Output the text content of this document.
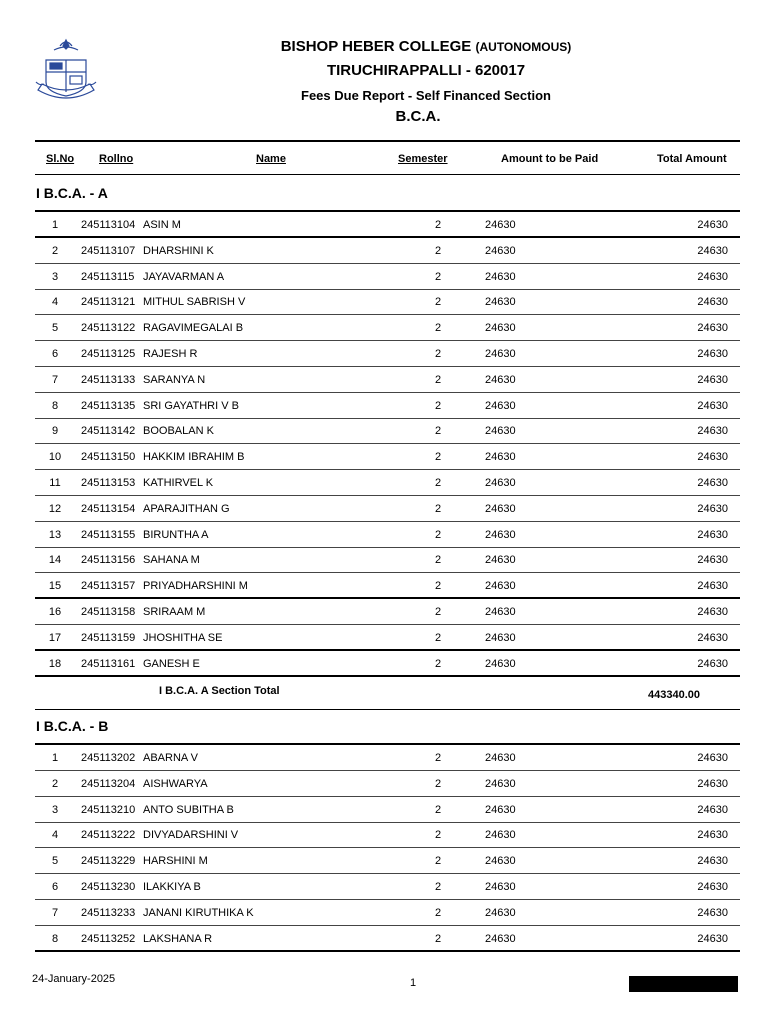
BISHOP HEBER COLLEGE (AUTONOMOUS)
TIRUCHIRAPPALLI - 620017
Fees Due Report - Self Financed Section
B.C.A.
Sl.No Rollno	Name	Semester	Amount to be Paid	Total Amount
I B.C.A. - A
1	245113104 ASIN M	2	24630	24630
2	245113107 DHARSHINI K	2	24630	24630
3	245113115 JAYAVARMAN A	2	24630	24630
4	245113121 MITHUL SABRISH V	2	24630	24630
5	245113122 RAGAVIMEGALAI B	2	24630	24630
6	245113125 RAJESH R	2	24630	24630
7	245113133 SARANYA N	2	24630	24630
8	245113135 SRI GAYATHRI V B	2	24630	24630
9	245113142 BOOBALAN K	2	24630	24630
10	245113150 HAKKIM IBRAHIM B	2	24630	24630
11	245113153 KATHIRVEL K	2	24630	24630
12	245113154 APARAJITHAN G	2	24630	24630
13	245113155 BIRUNTHA A	2	24630	24630
14	245113156 SAHANA M	2	24630	24630
15	245113157 PRIYADHARSHINI M	2	24630	24630
16	245113158 SRIRAAM M	2	24630	24630
17	245113159 JHOSHITHA SE	2	24630	24630
18	245113161 GANESH E	2	24630	24630
I B.C.A. A Section Total	443340.00
I B.C.A. - B
1	245113202 ABARNA V	2	24630	24630
2	245113204 AISHWARYA	2	24630	24630
3	245113210 ANTO SUBITHA B	2	24630	24630
4	245113222 DIVYADARSHINI V	2	24630	24630
5	245113229 HARSHINI M	2	24630	24630
6	245113230 ILAKKIYA B	2	24630	24630
7	245113233 JANANI KIRUTHIKA K	2	24630	24630
8	245113252 LAKSHANA R	2	24630	24630
24-January-2025	1
